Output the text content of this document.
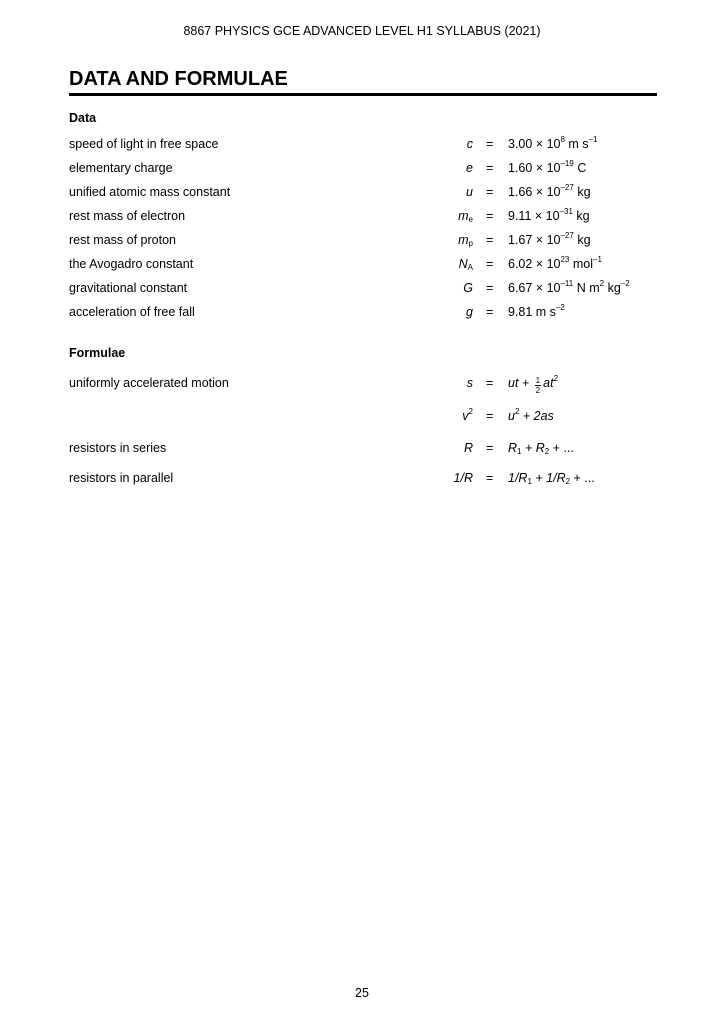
8867 PHYSICS GCE ADVANCED LEVEL H1 SYLLABUS (2021)
DATA AND FORMULAE
Data
speed of light in free space	$c = 3.00 \times 10^8$ m $s^{-1}$
elementary charge	$e = 1.60 \times 10^{-19}$ C
unified atomic mass constant	$u = 1.66 \times 10^{-27}$ kg
rest mass of electron	$m_e = 9.11 \times 10^{-31}$ kg
rest mass of proton	$m_p = 1.67 \times 10^{-27}$ kg
the Avogadro constant	$N_A = 6.02 \times 10^{23}$ mol$^{-1}$
gravitational constant	$G = 6.67 \times 10^{-11}$ N $m^2$ $kg^{-2}$
acceleration of free fall	g = 9.81 m $s^{-2}$
Formulae
uniformly accelerated motion	s = ut + $\frac{1}{2} at^2$
$v^2 = u^2 + 2as$
resistors in series	$R = R_1 + R_2$ + ...
resistors in parallel	$1/R = 1/R_1 + 1/R_2$ + ...
25
